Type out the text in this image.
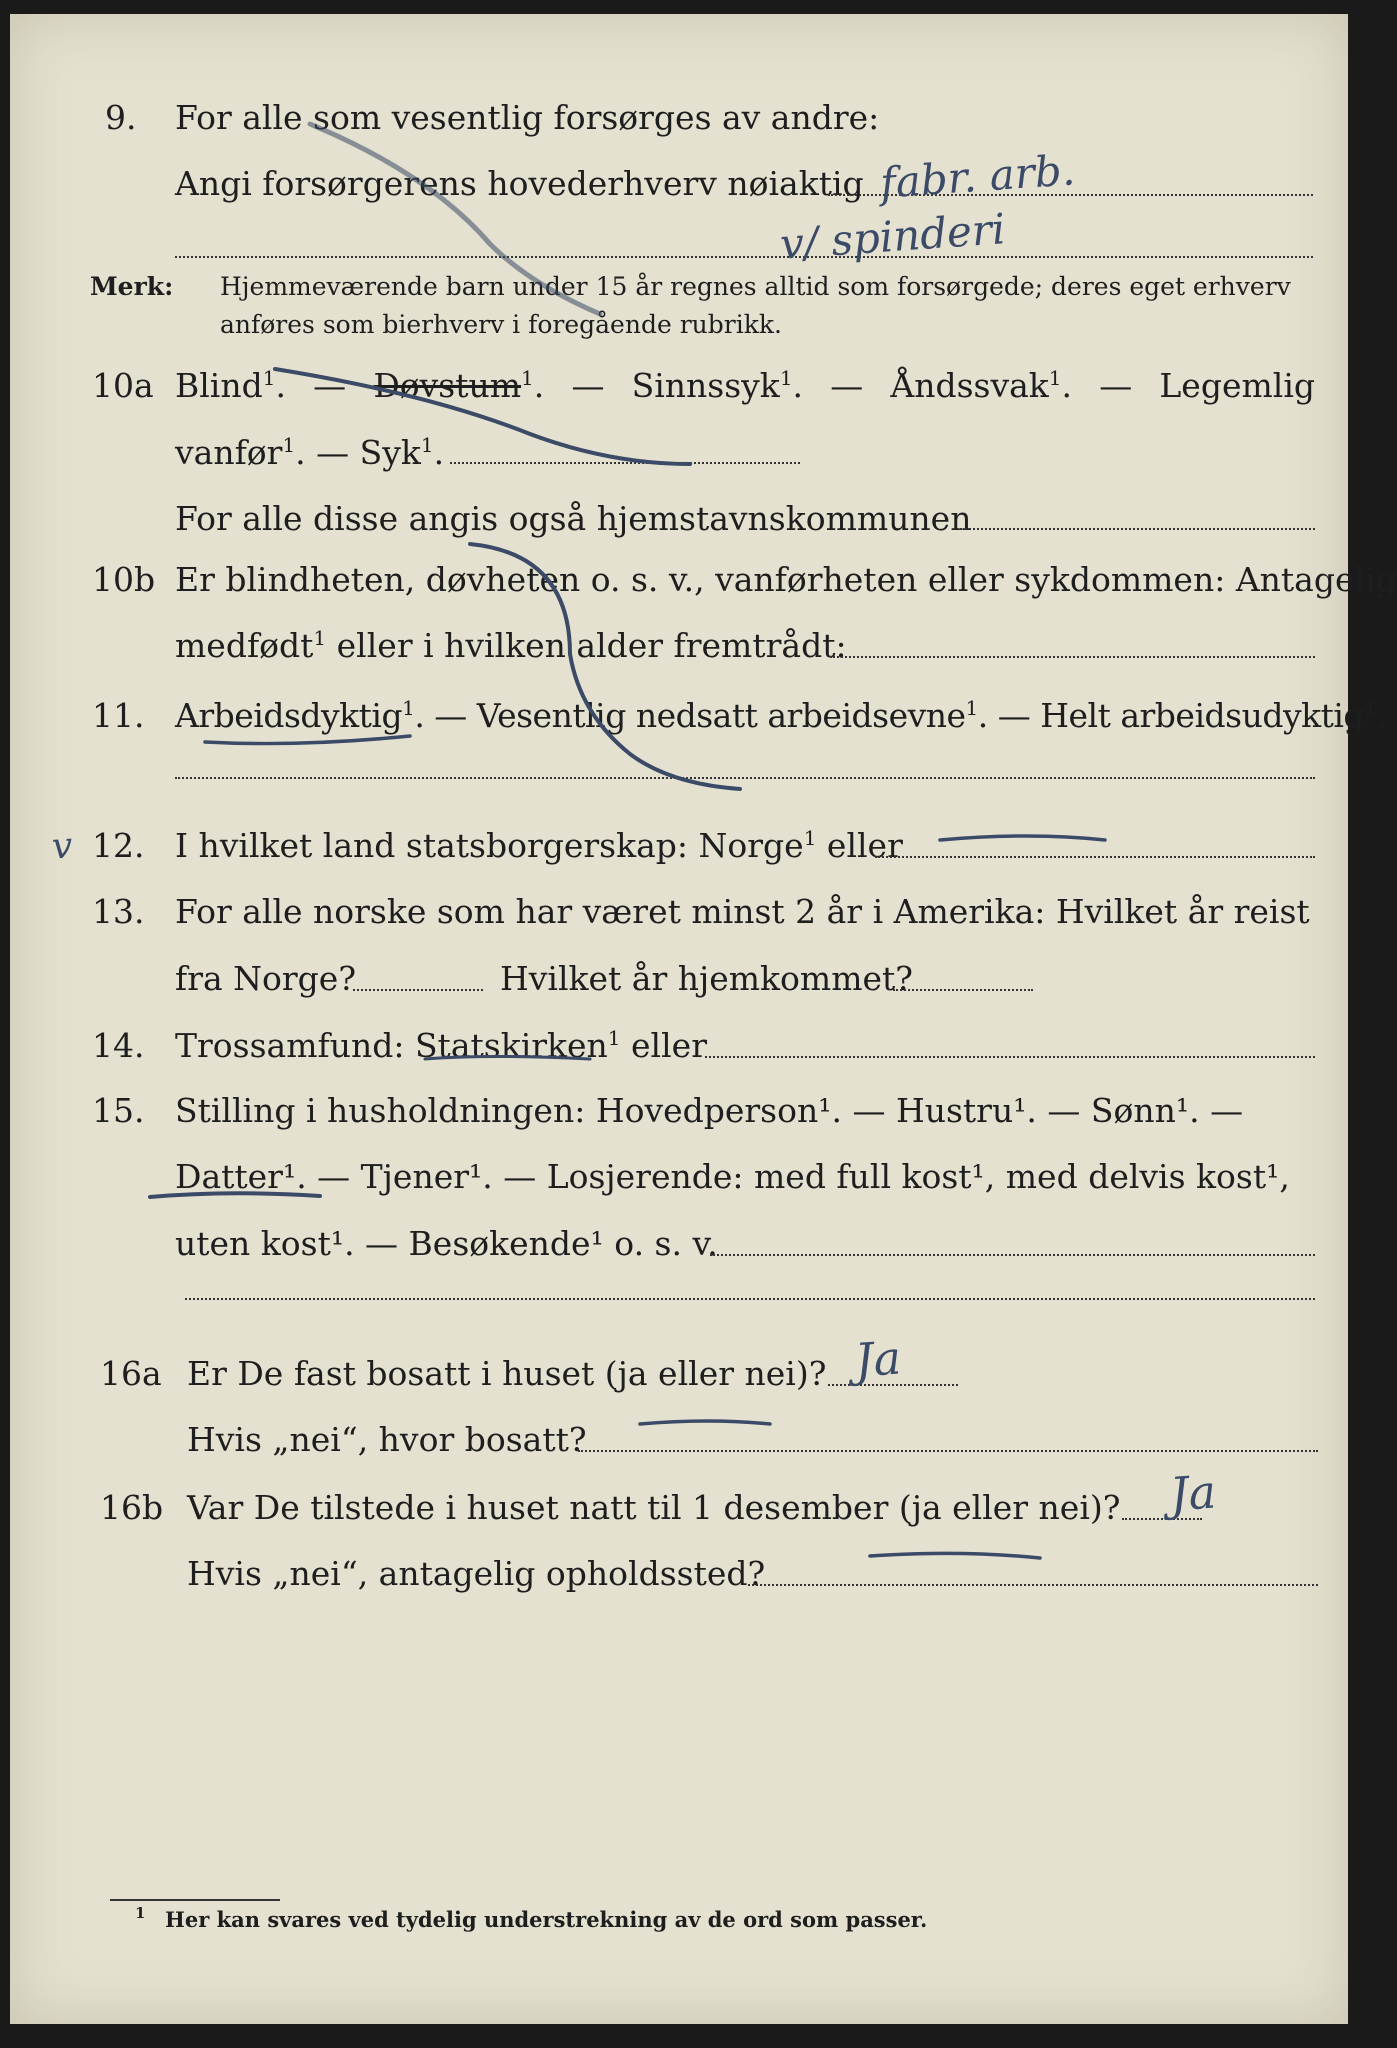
9. For alle som vesentlig forsørges av andre:
Angi forsørgerens hovederhverv nøiaktig fabr. arb.
v/ spinderi
Merk: Hjemmeværende barn under 15 år regnes alltid som forsørgede; deres eget erhverv
anføres som bierhverv i foregående rubrikk.
10a Blind$^1$. — Døvstum$^1$. — Sinnssyk$^1$. — Åndssvak$^1$. — Legemlig
vanfør$^1$. — Syk$^1$.
For alle disse angis også hjemstavnskommunen
10b Er blindheten, døvheten o. s. v., vanførheten eller sykdommen: Antagelig
medfødt$^1$ eller i hvilken alder fremtrådt:
11. Arbeidsdyktig$^1$. — Vesentlig nedsatt arbeidsevne$^1$. — Helt arbeidsudyktig$^1$.
v 12. I hvilket land statsborgerskap: Norge$^1$ eller
13. For alle norske som har været minst 2 år i Amerika: Hvilket år reist
fra Norge?	Hvilket år hjemkommet?
14. Trossamfund: Statskirken$^1$ eller
15. Stilling i husholdningen: Hovedperson¹. — Hustru¹. — Sønn¹. —
Datter¹. — Tjener¹. — Losjerende: med full kost¹, med delvis kost¹,
uten kost¹. — Besøkende¹ o. s. v.
16a Er De fast bosatt i huset (ja eller nei)? Ja
Hvis „nei“, hvor bosatt?
16b Var De tilstede i huset natt til 1 desember (ja eller nei)? Ja
Hvis „nei“, antagelig opholdssted?
1 Her kan svares ved tydelig understrekning av de ord som passer.
